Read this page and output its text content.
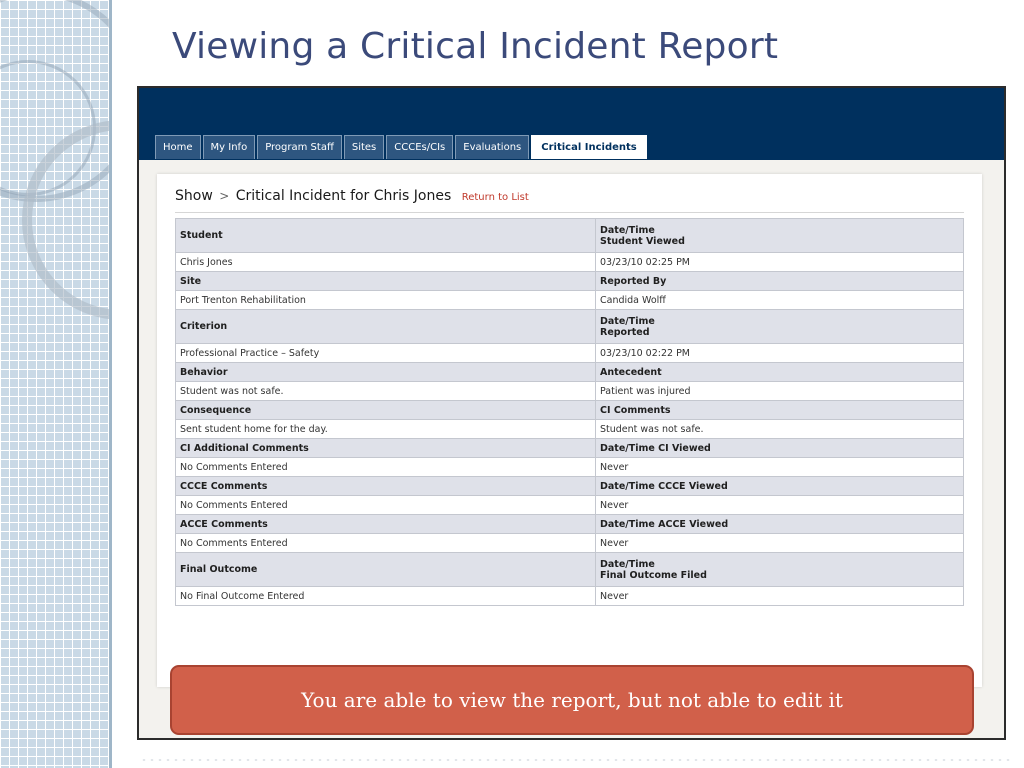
Viewing a Critical Incident Report
Home	My Info	Program Staff	Sites	CCCEs/CIs	Evaluations	Critical Incidents
Show > Critical Incident for Chris Jones Return to List
Student	Date/Time
Student Viewed

Chris Jones	03/23/10 02:25 PM

Site	Reported By

Port Trenton Rehabilitation	Candida Wolff

Criterion	Date/Time
Reported

Professional Practice – Safety	03/23/10 02:22 PM

Behavior	Antecedent

Student was not safe.	Patient was injured

Consequence	CI Comments

Sent student home for the day.	Student was not safe.

CI Additional Comments	Date/Time CI Viewed

No Comments Entered	Never

CCCE Comments	Date/Time CCCE Viewed

No Comments Entered	Never

ACCE Comments	Date/Time ACCE Viewed

No Comments Entered	Never

Final Outcome	Date/Time
Final Outcome Filed

No Final Outcome Entered	Never
You are able to view the report, but not able to edit it
